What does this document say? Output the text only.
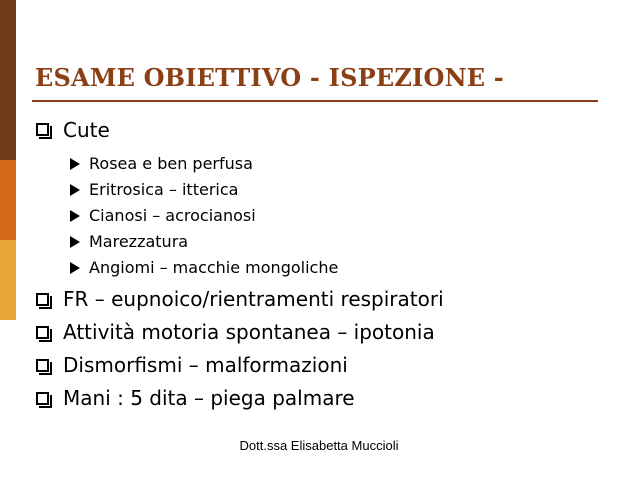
ESAME OBIETTIVO - ISPEZIONE -
Cute
Rosea e ben perfusa
Eritrosica – itterica
Cianosi – acrocianosi
Marezzatura
Angiomi – macchie mongoliche
FR – eupnoico/rientramenti respiratori
Attività motoria spontanea – ipotonia
Dismorfismi – malformazioni
Mani : 5 dita – piega palmare
Dott.ssa Elisabetta Muccioli
